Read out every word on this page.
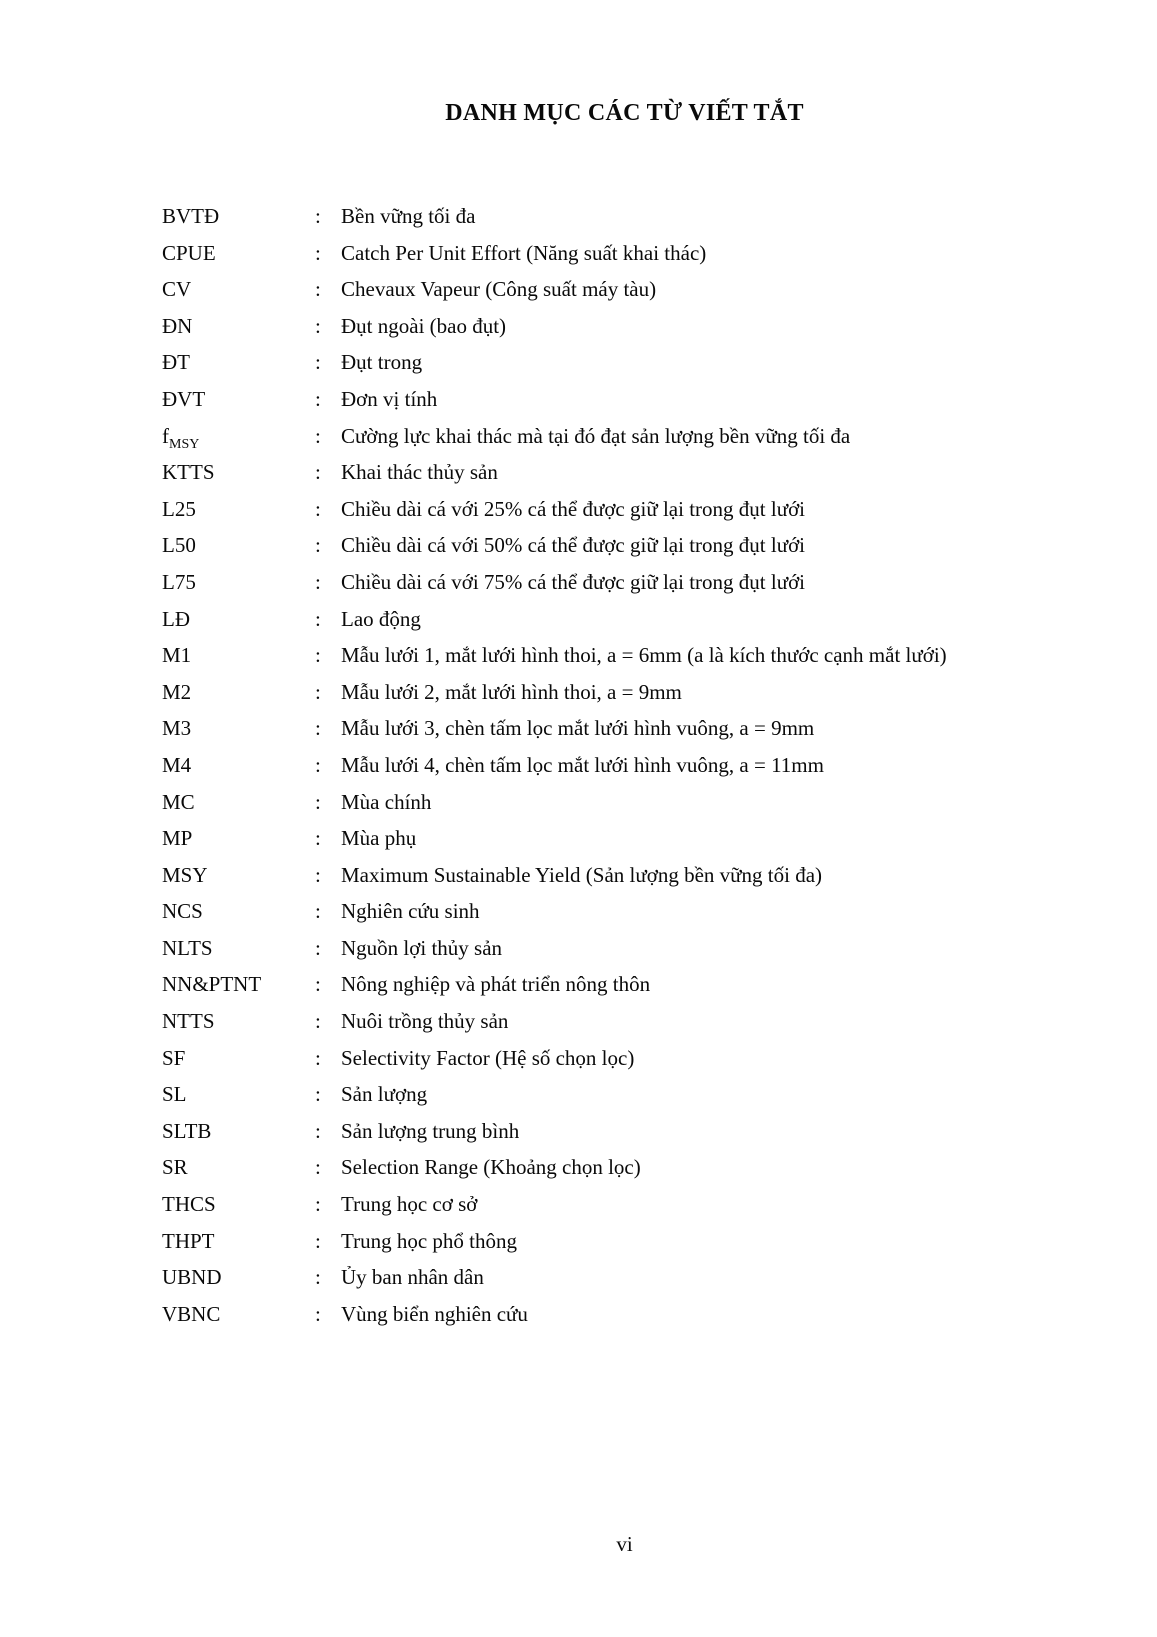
DANH MỤC CÁC TỪ VIẾT TẮT
BVTĐ	: Bền vững tối đa
CPUE	: Catch Per Unit Effort (Năng suất khai thác)
CV	: Chevaux Vapeur (Công suất máy tàu)
ĐN	: Đụt ngoài (bao đụt)
ĐT	: Đụt trong
ĐVT	: Đơn vị tính
$f_{MSY}$	: Cường lực khai thác mà tại đó đạt sản lượng bền vững tối đa
KTTS	: Khai thác thủy sản
L25	: Chiều dài cá với 25% cá thể được giữ lại trong đụt lưới
L50	: Chiều dài cá với 50% cá thể được giữ lại trong đụt lưới
L75	: Chiều dài cá với 75% cá thể được giữ lại trong đụt lưới
LĐ	: Lao động
M1	: Mẫu lưới 1, mắt lưới hình thoi, a = 6mm (a là kích thước cạnh mắt lưới)
M2	: Mẫu lưới 2, mắt lưới hình thoi, a = 9mm
M3	: Mẫu lưới 3, chèn tấm lọc mắt lưới hình vuông, a = 9mm
M4	: Mẫu lưới 4, chèn tấm lọc mắt lưới hình vuông, a = 11mm
MC	: Mùa chính
MP	: Mùa phụ
MSY	: Maximum Sustainable Yield (Sản lượng bền vững tối đa)
NCS	: Nghiên cứu sinh
NLTS	: Nguồn lợi thủy sản
NN&PTNT	: Nông nghiệp và phát triển nông thôn
NTTS	: Nuôi trồng thủy sản
SF	: Selectivity Factor (Hệ số chọn lọc)
SL	: Sản lượng
SLTB	: Sản lượng trung bình
SR	: Selection Range (Khoảng chọn lọc)
THCS	: Trung học cơ sở
THPT	: Trung học phổ thông
UBND	: Ủy ban nhân dân
VBNC	: Vùng biển nghiên cứu
vi
